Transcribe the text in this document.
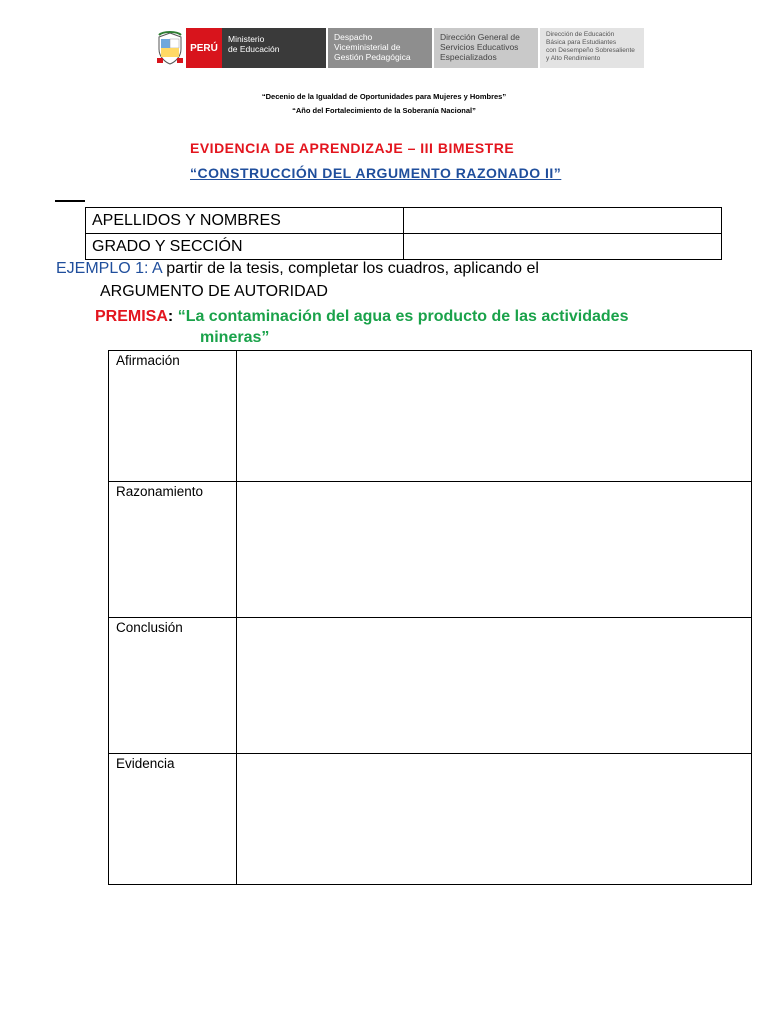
PERÚ
Ministerio
de Educación
Despacho
Viceministerial de
Gestión Pedagógica
Dirección General de
Servicios Educativos
Especializados
Dirección de Educación
Básica para Estudiantes
con Desempeño Sobresaliente
y Alto Rendimiento
“Decenio de la Igualdad de Oportunidades para Mujeres y Hombres”
“Año del Fortalecimiento de la Soberanía Nacional”
EVIDENCIA DE APRENDIZAJE – III BIMESTRE
“CONSTRUCCIÓN DEL ARGUMENTO RAZONADO II”
APELLIDOS Y NOMBRES	
GRADO Y SECCIÓN	
EJEMPLO 1: A partir de la tesis, completar los cuadros, aplicando el
ARGUMENTO DE AUTORIDAD
PREMISA: “La contaminación del agua es producto de las actividades
mineras”
Afirmación	
Razonamiento	
Conclusión	
Evidencia	
